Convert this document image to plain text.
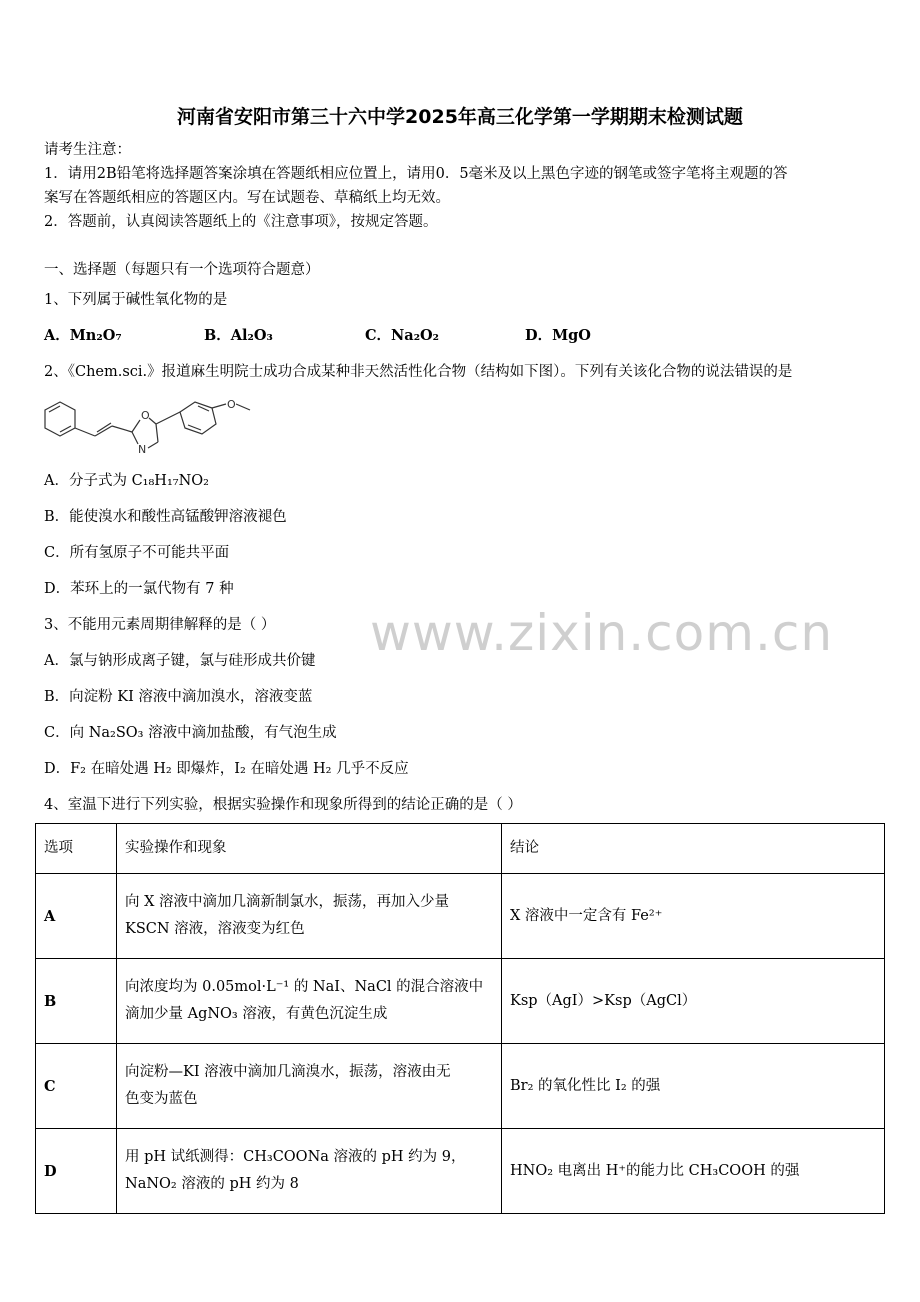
河南省安阳市第三十六中学2025年高三化学第一学期期末检测试题
请考生注意：
1．请用2B铅笔将选择题答案涂填在答题纸相应位置上，请用0．5毫米及以上黑色字迹的钢笔或签字笔将主观题的答
案写在答题纸相应的答题区内。写在试题卷、草稿纸上均无效。
2．答题前，认真阅读答题纸上的《注意事项》，按规定答题。
一、选择题（每题只有一个选项符合题意）
1、下列属于碱性氧化物的是
A．Mn₂O₇	B．Al₂O₃	C．Na₂O₂	D．MgO
2、《Chem.sci.》报道麻生明院士成功合成某种非天然活性化合物（结构如下图）。下列有关该化合物的说法错误的是
O
N
O
A．分子式为 C₁₈H₁₇NO₂
B．能使溴水和酸性高锰酸钾溶液褪色
C．所有氢原子不可能共平面
D．苯环上的一氯代物有 7 种
www.zixin.com.cn
3、不能用元素周期律解释的是（ ）
A．氯与钠形成离子键，氯与硅形成共价键
B．向淀粉 KI 溶液中滴加溴水，溶液变蓝
C．向 Na₂SO₃ 溶液中滴加盐酸，有气泡生成
D．F₂ 在暗处遇 H₂ 即爆炸，I₂ 在暗处遇 H₂ 几乎不反应
4、室温下进行下列实验，根据实验操作和现象所得到的结论正确的是（ ）
选项	实验操作和现象	结论
A	向 X 溶液中滴加几滴新制氯水，振荡，再加入少量
KSCN 溶液，溶液变为红色	X 溶液中一定含有 Fe²⁺
B	向浓度均为 0.05mol·L⁻¹ 的 NaI、NaCl 的混合溶液中
滴加少量 AgNO₃ 溶液，有黄色沉淀生成	Ksp（AgI）>Ksp（AgCl）
C	向淀粉—KI 溶液中滴加几滴溴水，振荡，溶液由无
色变为蓝色	Br₂ 的氧化性比 I₂ 的强
D	用 pH 试纸测得：CH₃COONa 溶液的 pH 约为 9，
NaNO₂ 溶液的 pH 约为 8	HNO₂ 电离出 H⁺的能力比 CH₃COOH 的强
